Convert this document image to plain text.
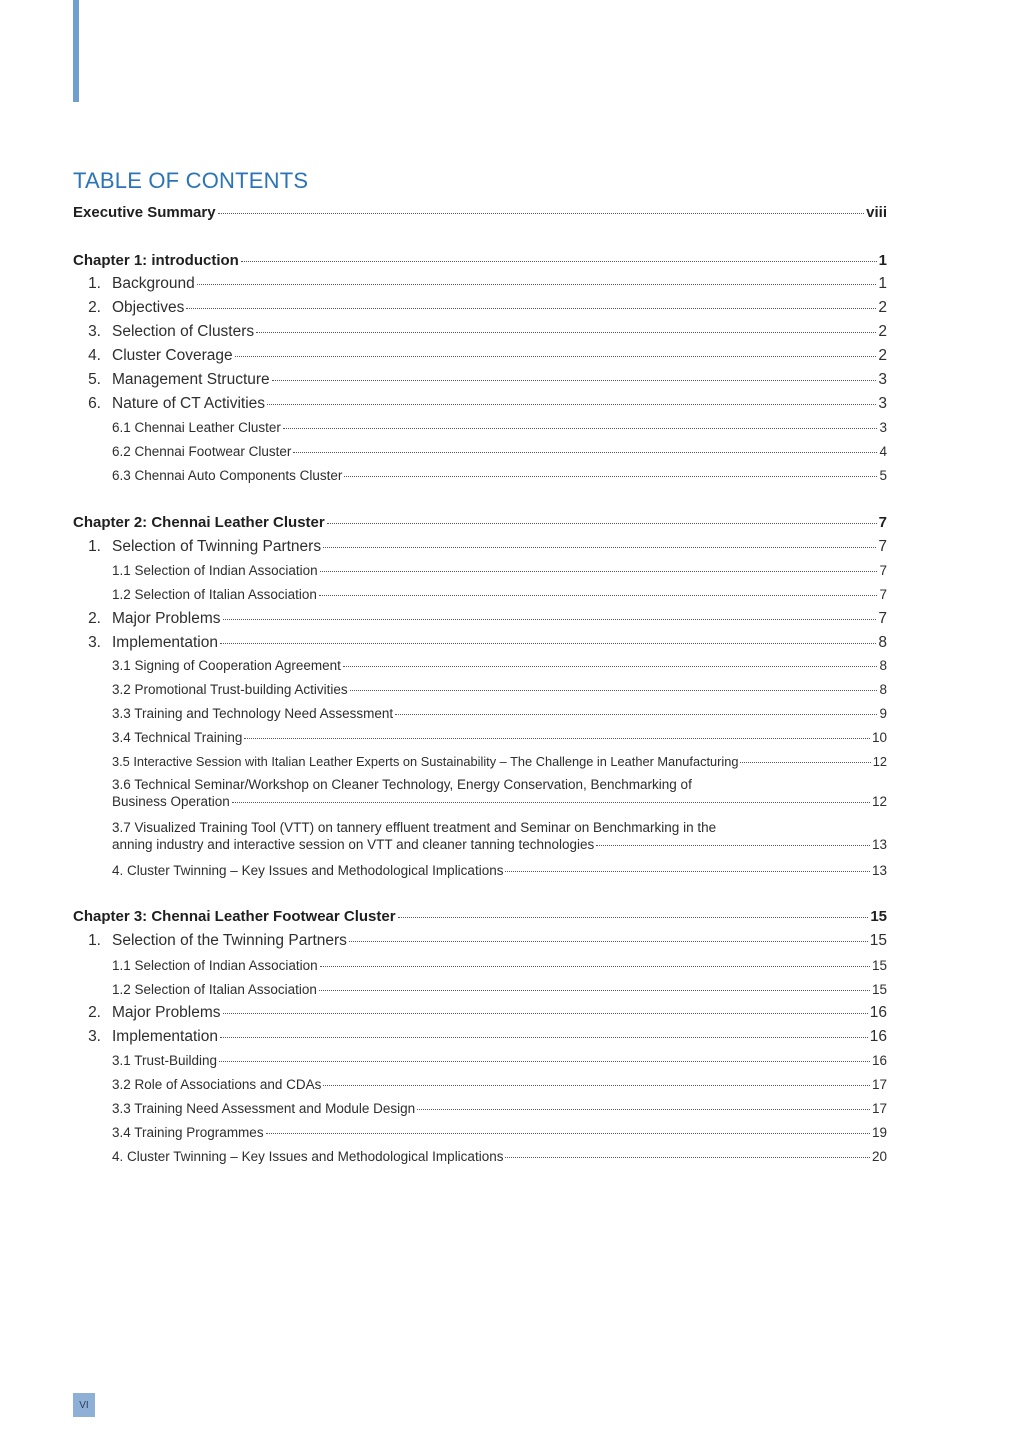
TABLE OF CONTENTS
Executive Summary	viii
Chapter 1: introduction	1
1. Background	1
2. Objectives	2
3. Selection of Clusters	2
4. Cluster Coverage	2
5. Management Structure	3
6. Nature of CT Activities	3
6.1 Chennai Leather Cluster	3
6.2 Chennai Footwear Cluster	4
6.3 Chennai Auto Components Cluster	5
Chapter 2: Chennai Leather Cluster	7
1. Selection of Twinning Partners	7
1.1 Selection of Indian Association	7
1.2 Selection of Italian Association	7
2. Major Problems	7
3. Implementation	8
3.1 Signing of Cooperation Agreement	8
3.2 Promotional Trust-building Activities	8
3.3 Training and Technology Need Assessment	9
3.4 Technical Training	10
3.5 Interactive Session with Italian Leather Experts on Sustainability – The Challenge in Leather Manufacturing	12
3.6 Technical Seminar/Workshop on Cleaner Technology, Energy Conservation, Benchmarking of
Business Operation	12
3.7 Visualized Training Tool (VTT) on tannery effluent treatment and Seminar on Benchmarking in the
anning industry and interactive session on VTT and cleaner tanning technologies	13
4. Cluster Twinning – Key Issues and Methodological Implications	13
Chapter 3: Chennai Leather Footwear Cluster	15
1. Selection of the Twinning Partners	15
1.1 Selection of Indian Association	15
1.2 Selection of Italian Association	15
2. Major Problems	16
3. Implementation	16
3.1 Trust-Building	16
3.2 Role of Associations and CDAs	17
3.3 Training Need Assessment and Module Design	17
3.4 Training Programmes	19
4. Cluster Twinning – Key Issues and Methodological Implications	20
VI
